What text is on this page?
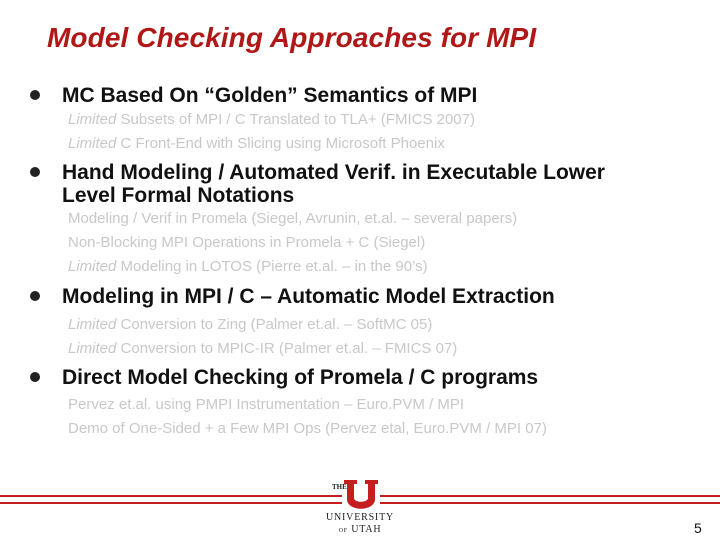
Model Checking Approaches for MPI
MC Based On “Golden” Semantics of MPI
Limited Subsets of MPI / C Translated to TLA+ (FMICS 2007)
Limited C Front-End with Slicing using Microsoft Phoenix
Hand Modeling / Automated Verif. in Executable Lower
Level Formal Notations
Modeling / Verif in Promela (Siegel, Avrunin, et.al. – several papers)
Non-Blocking MPI Operations in Promela + C (Siegel)
Limited Modeling in LOTOS (Pierre et.al. – in the 90’s)
Modeling in MPI / C – Automatic Model Extraction
Limited Conversion to Zing (Palmer et.al. – SoftMC 05)
Limited Conversion to MPIC-IR (Palmer et.al. – FMICS 07)
Direct Model Checking of Promela / C programs
Pervez et.al. using PMPI Instrumentation – Euro.PVM / MPI
Demo of One-Sided + a Few MPI Ops (Pervez etal, Euro.PVM / MPI 07)
THE
UNIVERSITY
OF UTAH	5
